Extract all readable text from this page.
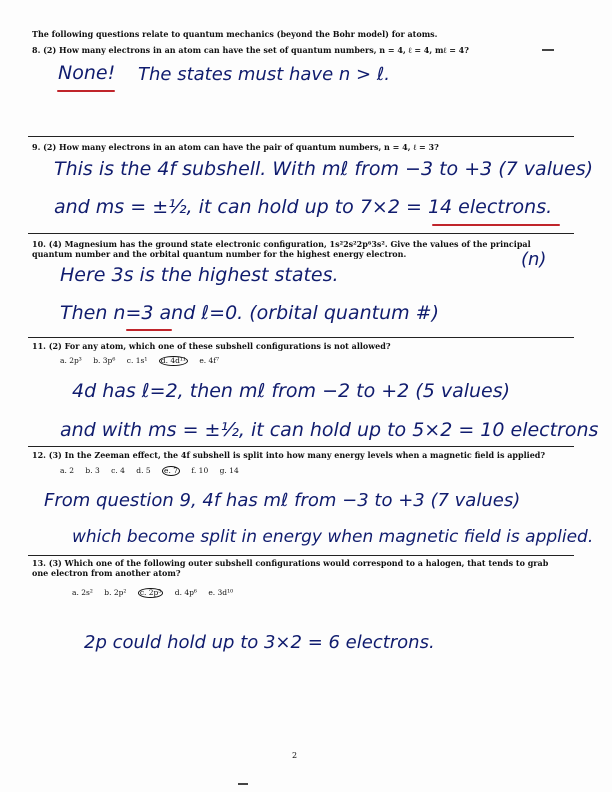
The following questions relate to quantum mechanics (beyond the Bohr model) for atoms.
8. (2) How many electrons in an atom can have the set of quantum numbers, n = 4, ℓ = 4, mℓ = 4?
None! The states must have n > ℓ.
9. (2) How many electrons in an atom can have the pair of quantum numbers, n = 4, ℓ = 3?
This is the 4f subshell. With mℓ from −3 to +3 (7 values)
and ms = ±½, it can hold up to 7×2 = 14 electrons.
10. (4) Magnesium has the ground state electronic configuration, 1s²2s²2p⁶3s². Give the values of the principal
quantum number and the orbital quantum number for the highest energy electron.	(n)
Here 3s is the highest states.
Then n=3 and ℓ=0. (orbital quantum #)
11. (2) For any atom, which one of these subshell configurations is not allowed?
a. 2p³ b. 3p⁶ c. 1s¹ d. 4d¹¹ e. 4f⁷
4d has ℓ=2, then mℓ from −2 to +2 (5 values)
and with ms = ±½, it can hold up to 5×2 = 10 electrons
12. (3) In the Zeeman effect, the 4f subshell is split into how many energy levels when a magnetic field is applied?
a. 2 b. 3 c. 4 d. 5 e. 7 f. 10 g. 14
From question 9, 4f has mℓ from −3 to +3 (7 values)
which become split in energy when magnetic field is applied.
13. (3) Which one of the following outer subshell configurations would correspond to a halogen, that tends to grab
one electron from another atom?
a. 2s² b. 2p² c. 2p⁵ d. 4p⁶ e. 3d¹⁰
2p could hold up to 3×2 = 6 electrons.
2
